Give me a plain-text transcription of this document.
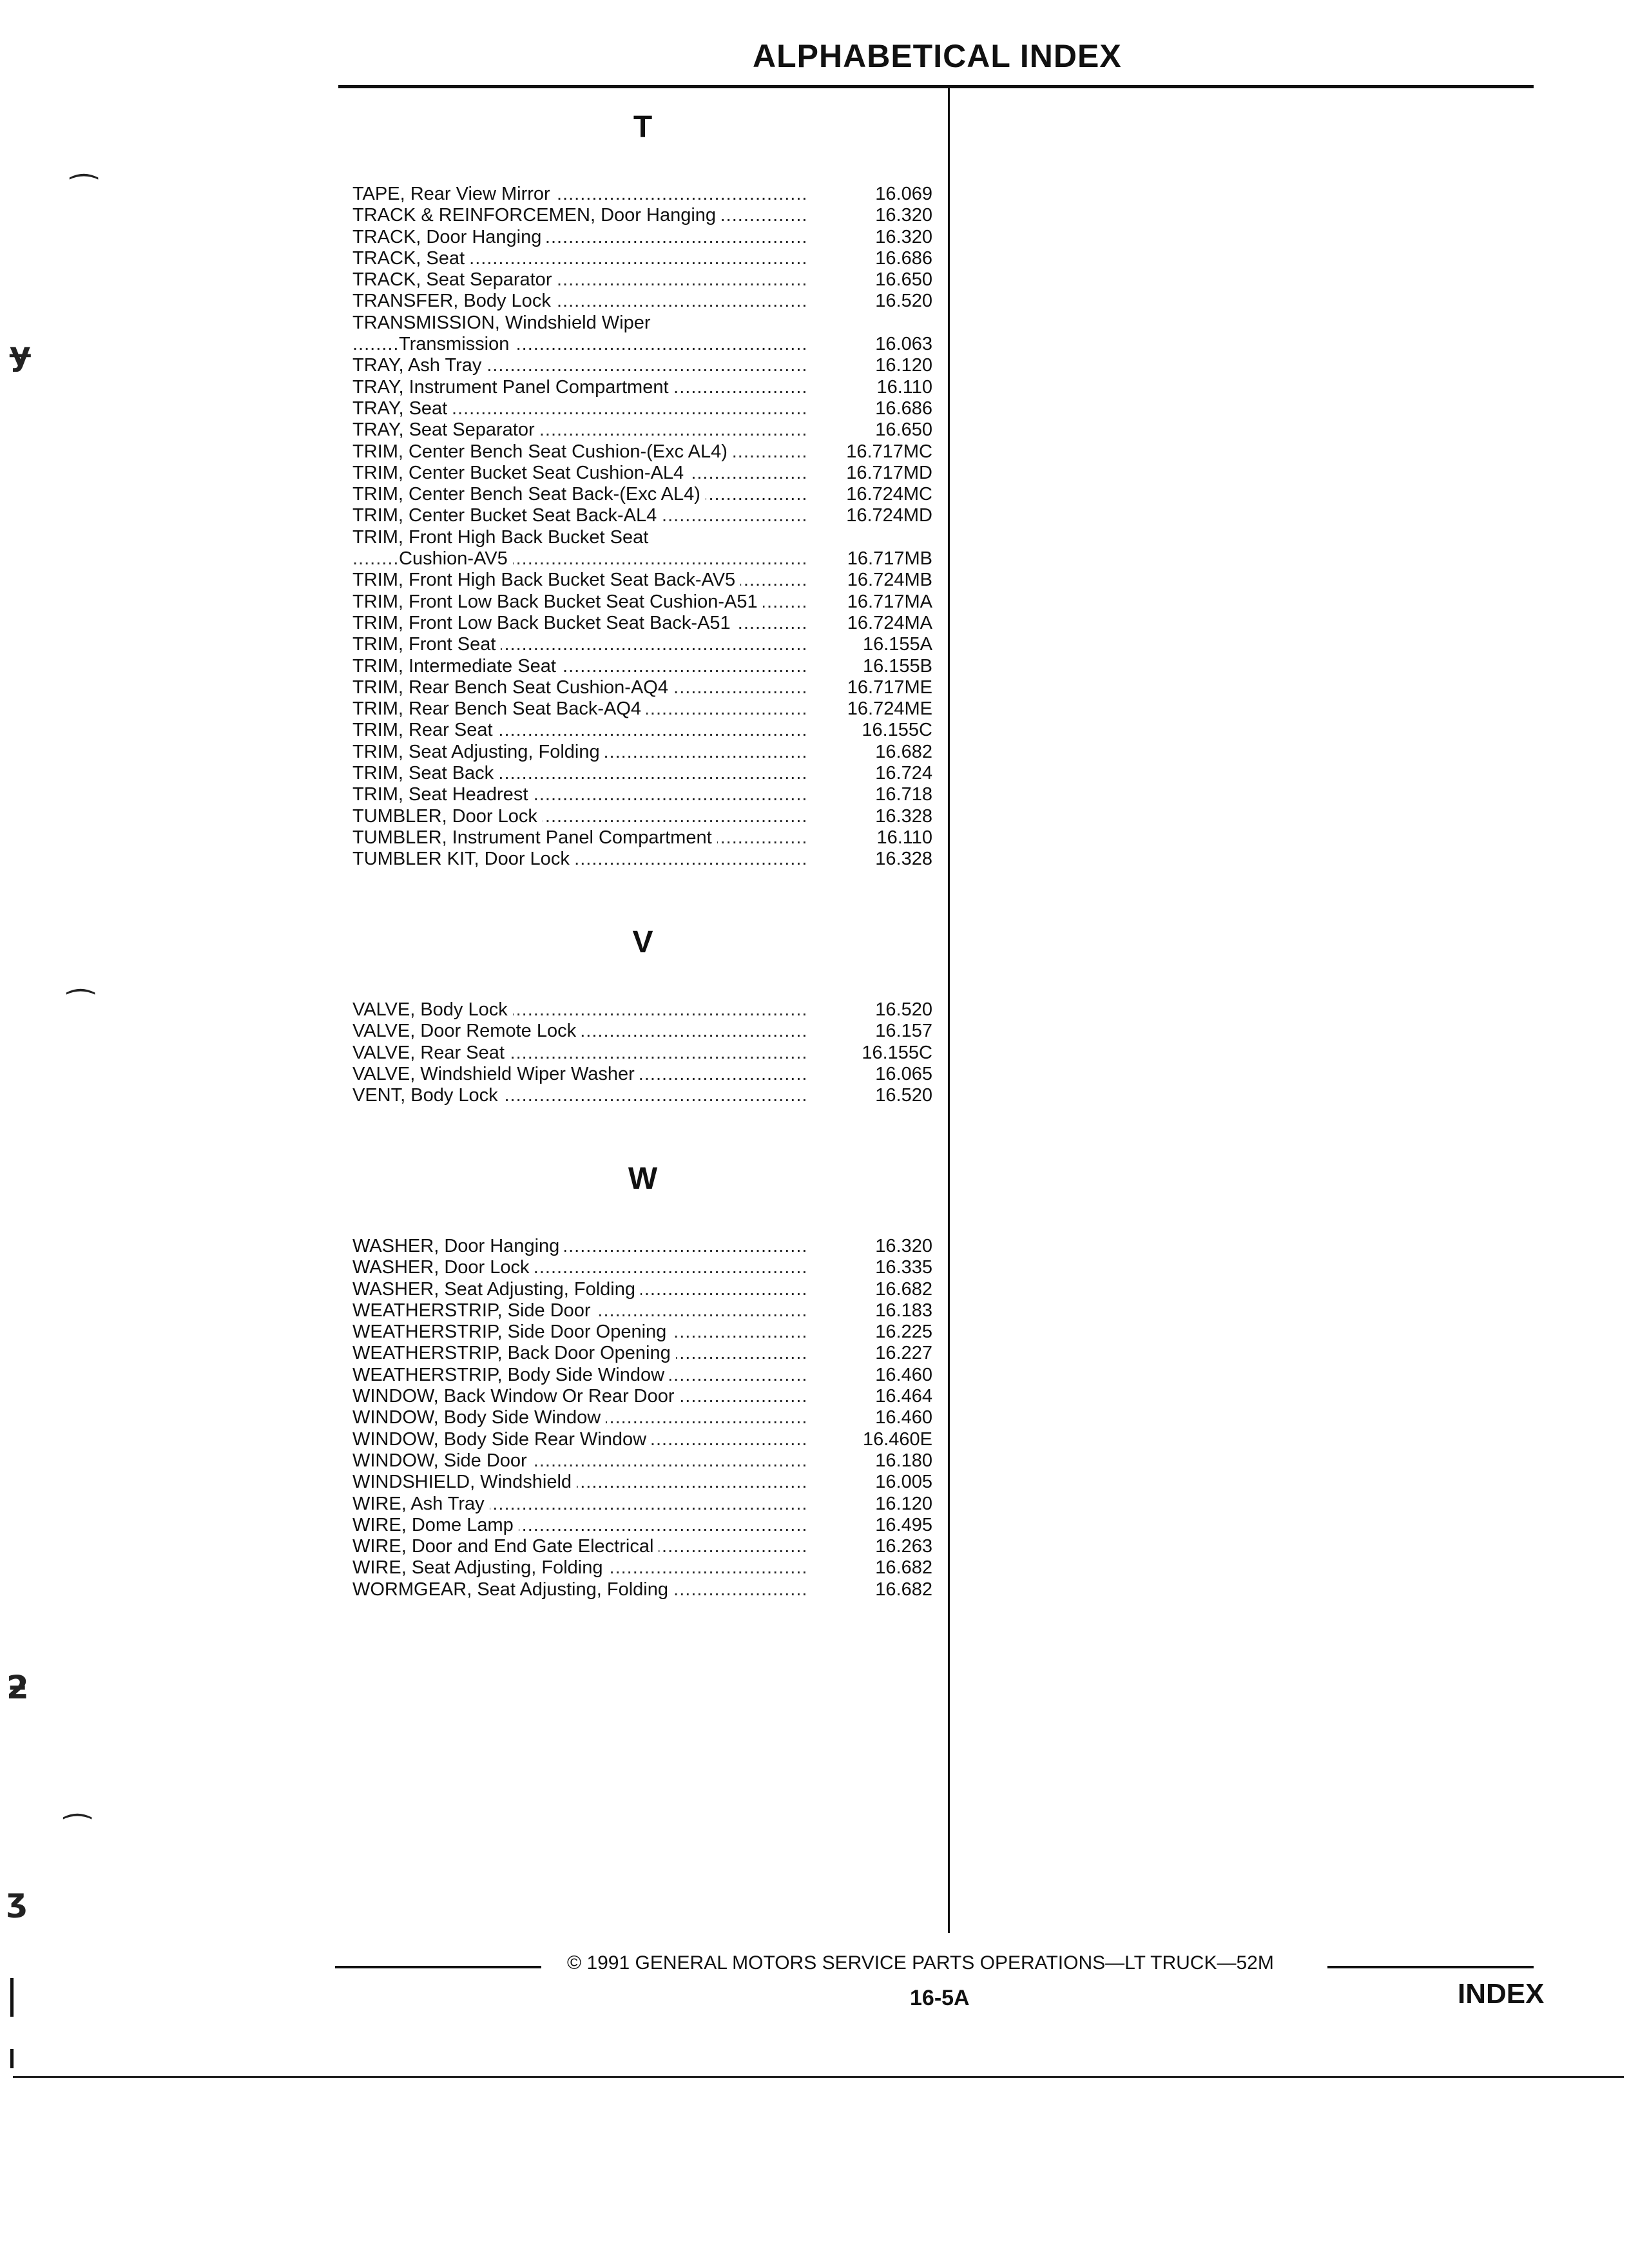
ALPHABETICAL INDEX
T
TAPE, Rear View Mirror .....	16.069
TRACK & REINFORCEMEN, Door Hanging .....	16.320
TRACK, Door Hanging .....	16.320
TRACK, Seat .....	16.686
TRACK, Seat Separator .....	16.650
TRANSFER, Body Lock .....	16.520
TRANSMISSION, Windshield Wiper
Transmission .....	16.063
TRAY, Ash Tray .....	16.120
TRAY, Instrument Panel Compartment .....	16.110
TRAY, Seat .....	16.686
TRAY, Seat Separator .....	16.650
TRIM, Center Bench Seat Cushion-(Exc AL4) .....	16.717MC
TRIM, Center Bucket Seat Cushion-AL4 .....	16.717MD
TRIM, Center Bench Seat Back-(Exc AL4) .....	16.724MC
TRIM, Center Bucket Seat Back-AL4 .....	16.724MD
TRIM, Front High Back Bucket Seat
Cushion-AV5 .....	16.717MB
TRIM, Front High Back Bucket Seat Back-AV5 .....	16.724MB
TRIM, Front Low Back Bucket Seat Cushion-A51 .....	16.717MA
TRIM, Front Low Back Bucket Seat Back-A51 .....	16.724MA
TRIM, Front Seat .....	16.155A
TRIM, Intermediate Seat .....	16.155B
TRIM, Rear Bench Seat Cushion-AQ4 .....	16.717ME
TRIM, Rear Bench Seat Back-AQ4 .....	16.724ME
TRIM, Rear Seat .....	16.155C
TRIM, Seat Adjusting, Folding .....	16.682
TRIM, Seat Back .....	16.724
TRIM, Seat Headrest .....	16.718
TUMBLER, Door Lock .....	16.328
TUMBLER, Instrument Panel Compartment .....	16.110
TUMBLER KIT, Door Lock .....	16.328
V
VALVE, Body Lock .....	16.520
VALVE, Door Remote Lock .....	16.157
VALVE, Rear Seat .....	16.155C
VALVE, Windshield Wiper Washer .....	16.065
VENT, Body Lock .....	16.520
W
WASHER, Door Hanging .....	16.320
WASHER, Door Lock .....	16.335
WASHER, Seat Adjusting, Folding .....	16.682
WEATHERSTRIP, Side Door .....	16.183
WEATHERSTRIP, Side Door Opening .....	16.225
WEATHERSTRIP, Back Door Opening .....	16.227
WEATHERSTRIP, Body Side Window .....	16.460
WINDOW, Back Window Or Rear Door .....	16.464
WINDOW, Body Side Window .....	16.460
WINDOW, Body Side Rear Window .....	16.460E
WINDOW, Side Door .....	16.180
WINDSHIELD, Windshield .....	16.005
WIRE, Ash Tray .....	16.120
WIRE, Dome Lamp .....	16.495
WIRE, Door and End Gate Electrical .....	16.263
WIRE, Seat Adjusting, Folding .....	16.682
WORMGEAR, Seat Adjusting, Folding .....	16.682
© 1991 GENERAL MOTORS SERVICE PARTS OPERATIONS—LT TRUCK—52M
16-5A	INDEX
⁀
ɏ
⁀
ƻ
⁀
ʒ
